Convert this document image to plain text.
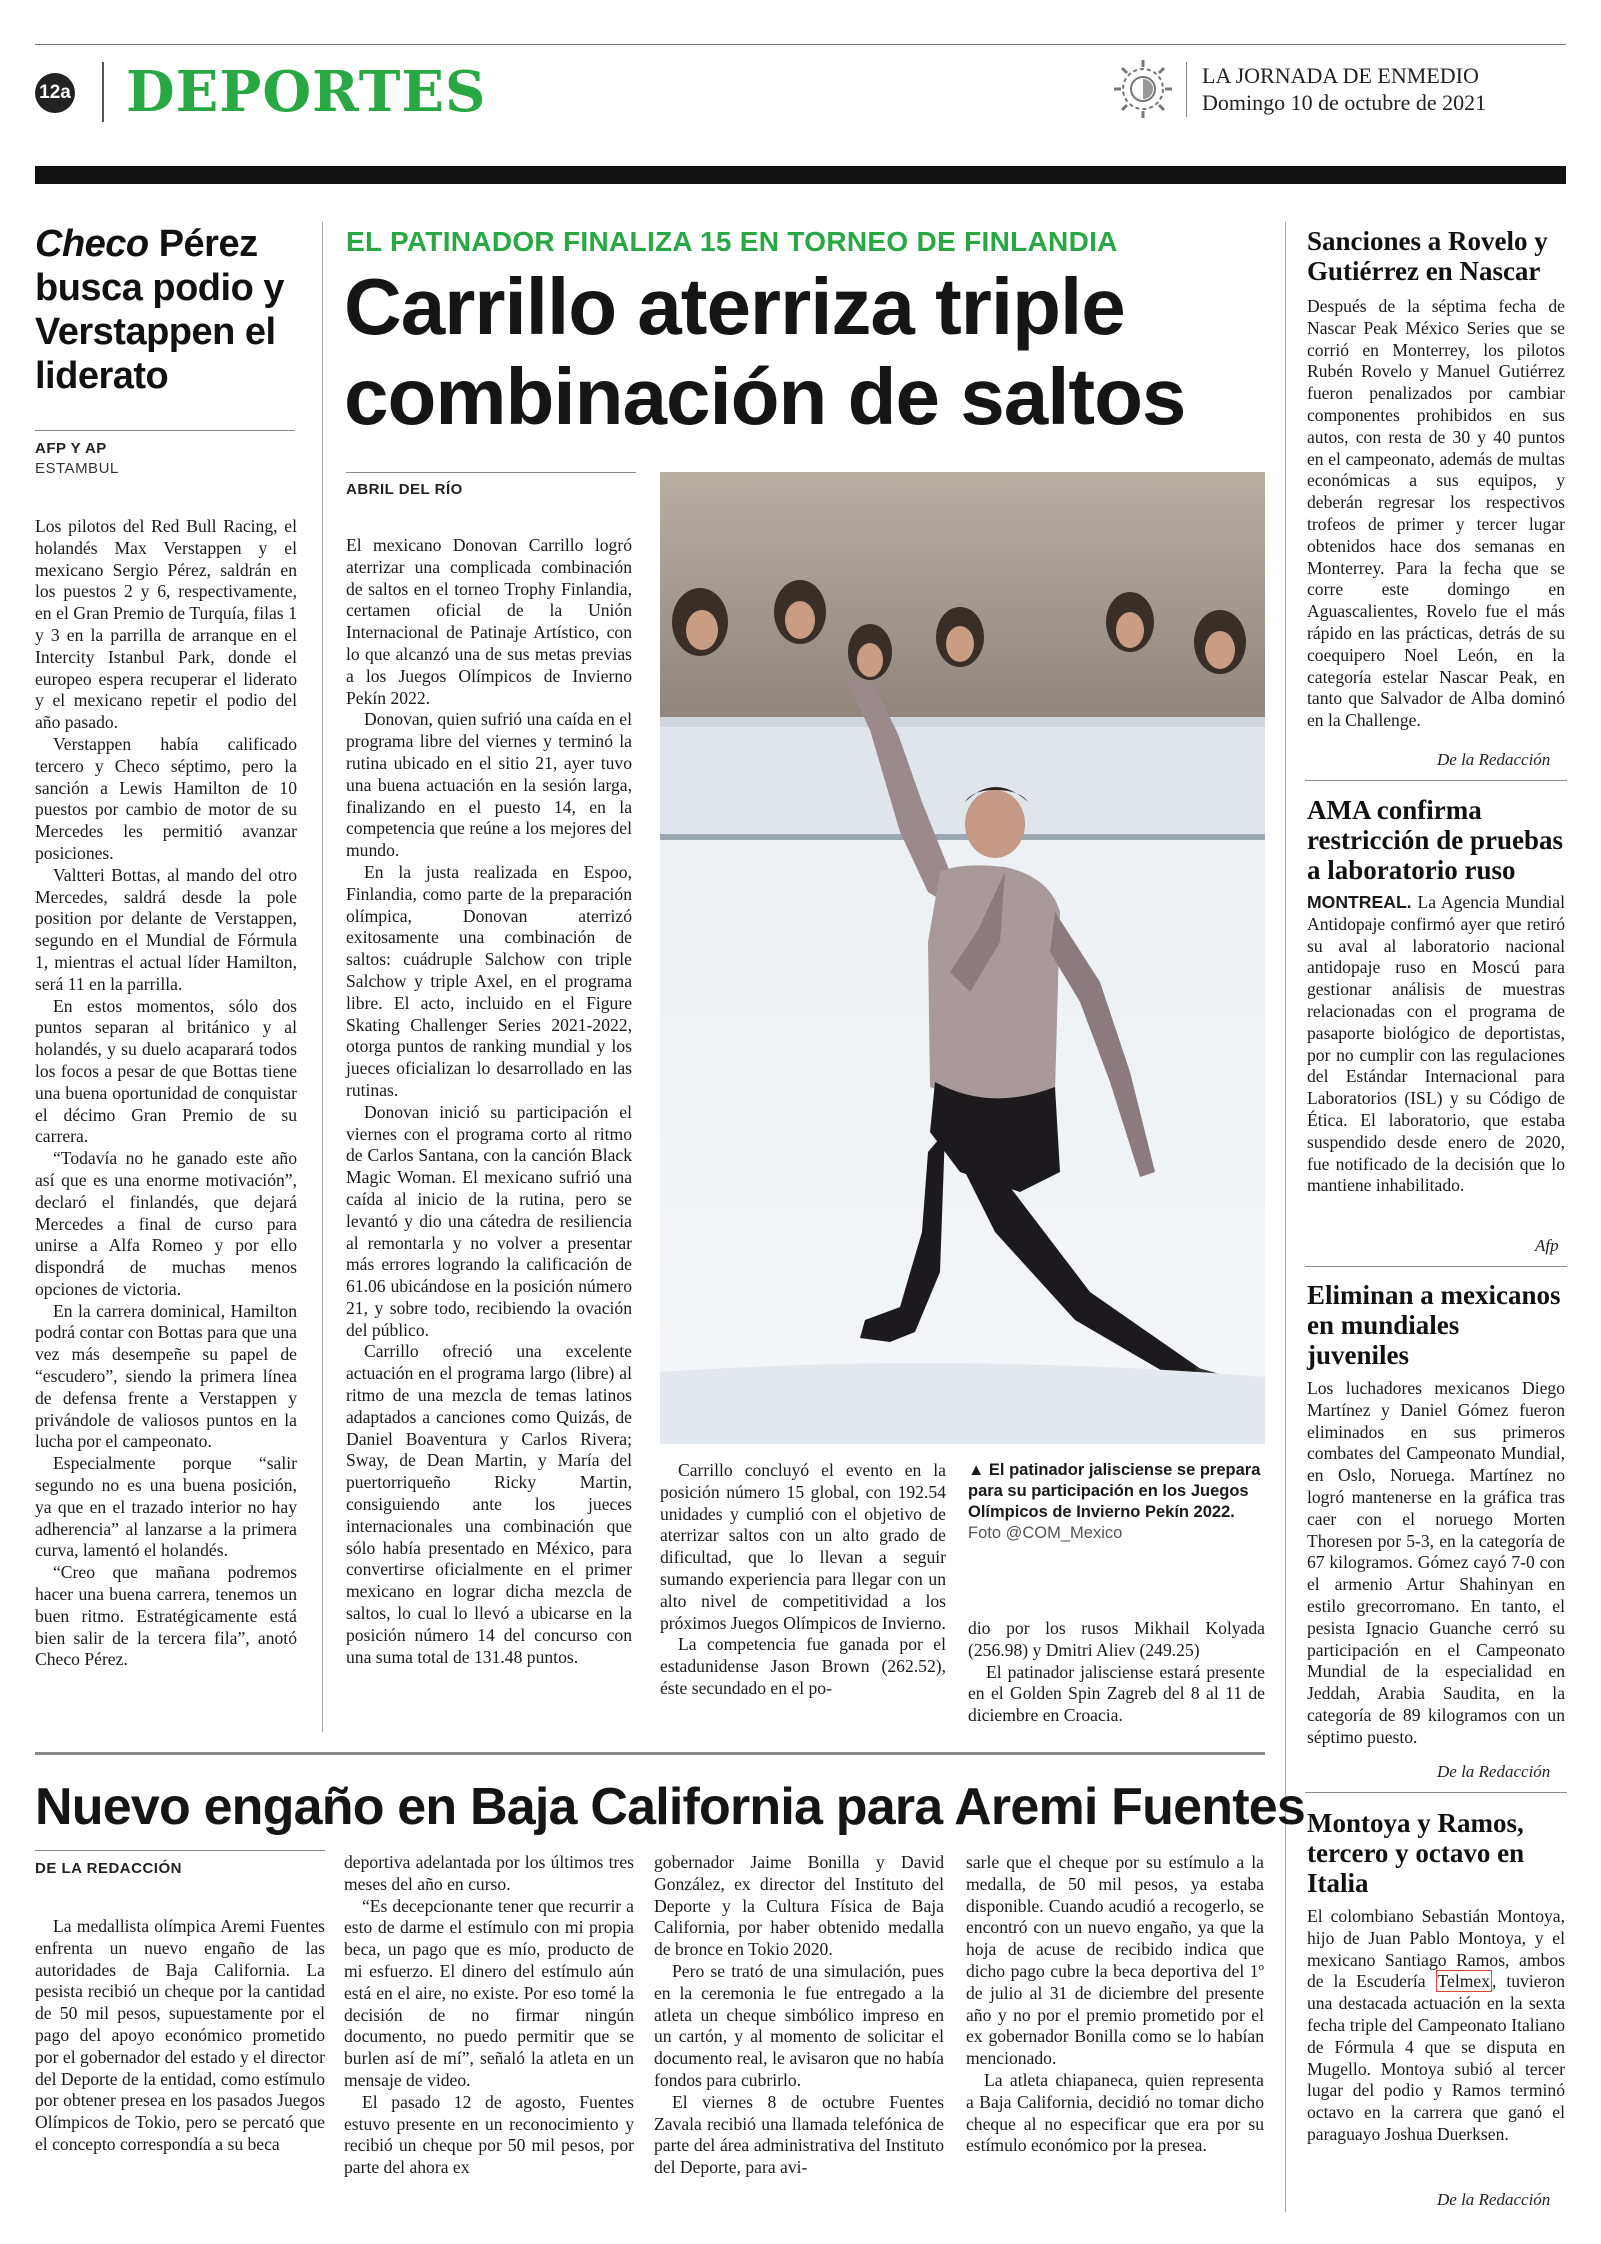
12a DEPORTES	LA JORNADA DE ENMEDIO
Domingo 10 de octubre de 2021
Checo Pérez busca podio y Verstappen el liderato
AFP Y AP
ESTAMBUL

Los pilotos del Red Bull Racing, el holandés Max Verstappen y el mexicano Sergio Pérez, saldrán en los puestos 2 y 6, respectivamente, en el Gran Premio de Turquía, filas 1 y 3 en la parrilla de arranque en el Intercity Istanbul Park, donde el europeo espera recuperar el liderato y el mexicano repetir el podio del año pasado.

Verstappen había calificado tercero y Checo séptimo, pero la sanción a Lewis Hamilton de 10 puestos por cambio de motor de su Mercedes les permitió avanzar posiciones.

Valtteri Bottas, al mando del otro Mercedes, saldrá desde la pole position por delante de Verstappen, segundo en el Mundial de Fórmula 1, mientras el actual líder Hamilton, será 11 en la parrilla.

En estos momentos, sólo dos puntos separan al británico y al holandés, y su duelo acaparará todos los focos a pesar de que Bottas tiene una buena oportunidad de conquistar el décimo Gran Premio de su carrera.

“Todavía no he ganado este año así que es una enorme motivación”, declaró el finlandés, que dejará Mercedes a final de curso para unirse a Alfa Romeo y por ello dispondrá de muchas menos opciones de victoria.

En la carrera dominical, Hamilton podrá contar con Bottas para que una vez más desempeñe su papel de “escudero”, siendo la primera línea de defensa frente a Verstappen y privándole de valiosos puntos en la lucha por el campeonato.

Especialmente porque “salir segundo no es una buena posición, ya que en el trazado interior no hay adherencia” al lanzarse a la primera curva, lamentó el holandés.

“Creo que mañana podremos hacer una buena carrera, tenemos un buen ritmo. Estratégicamente está bien salir de la tercera fila”, anotó Checo Pérez.

EL PATINADOR FINALIZA 15 EN TORNEO DE FINLANDIA
Carrillo aterriza triple combinación de saltos
ABRIL DEL RÍO

El mexicano Donovan Carrillo logró aterrizar una complicada combinación de saltos en el torneo Trophy Finlandia, certamen oficial de la Unión Internacional de Patinaje Artístico, con lo que alcanzó una de sus metas previas a los Juegos Olímpicos de Invierno Pekín 2022.

Donovan, quien sufrió una caída en el programa libre del viernes y terminó la rutina ubicado en el sitio 21, ayer tuvo una buena actuación en la sesión larga, finalizando en el puesto 14, en la competencia que reúne a los mejores del mundo.

En la justa realizada en Espoo, Finlandia, como parte de la preparación olímpica, Donovan aterrizó exitosamente una combinación de saltos: cuádruple Salchow con triple Salchow y triple Axel, en el programa libre. El acto, incluido en el Figure Skating Challenger Series 2021-2022, otorga puntos de ranking mundial y los jueces oficializan lo desarrollado en las rutinas.

Donovan inició su participación el viernes con el programa corto al ritmo de Carlos Santana, con la canción Black Magic Woman. El mexicano sufrió una caída al inicio de la rutina, pero se levantó y dio una cátedra de resiliencia al remontarla y no volver a presentar más errores logrando la calificación de 61.06 ubicándose en la posición número 21, y sobre todo, recibiendo la ovación del público.

Carrillo ofreció una excelente actuación en el programa largo (libre) al ritmo de una mezcla de temas latinos adaptados a canciones como Quizás, de Daniel Boaventura y Carlos Rivera; Sway, de Dean Martin, y María del puertorriqueño Ricky Martin, consiguiendo ante los jueces internacionales una combinación que sólo había presentado en México, para convertirse oficialmente en el primer mexicano en lograr dicha mezcla de saltos, lo cual lo llevó a ubicarse en la posición número 14 del concurso con una suma total de 131.48 puntos.

▲ El patinador jalisciense se prepara para su participación en los Juegos Olímpicos de Invierno Pekín 2022. Foto @COM_Mexico

Carrillo concluyó el evento en la posición número 15 global, con 192.54 unidades y cumplió con el objetivo de aterrizar saltos con un alto grado de dificultad, que lo llevan a seguir sumando experiencia para llegar con un alto nivel de competitividad a los próximos Juegos Olímpicos de Invierno.

La competencia fue ganada por el estadunidense Jason Brown (262.52), éste secundado en el po-

dio por los rusos Mikhail Kolyada (256.98) y Dmitri Aliev (249.25)

El patinador jalisciense estará presente en el Golden Spin Zagreb del 8 al 11 de diciembre en Croacia.

Sanciones a Rovelo y Gutiérrez en Nascar

Después de la séptima fecha de Nascar Peak México Series que se corrió en Monterrey, los pilotos Rubén Rovelo y Manuel Gutiérrez fueron penalizados por cambiar componentes prohibidos en sus autos, con resta de 30 y 40 puntos en el campeonato, además de multas económicas a sus equipos, y deberán regresar los respectivos trofeos de primer y tercer lugar obtenidos hace dos semanas en Monterrey. Para la fecha que se corre este domingo en Aguascalientes, Rovelo fue el más rápido en las prácticas, detrás de su coequipero Noel León, en la categoría estelar Nascar Peak, en tanto que Salvador de Alba dominó en la Challenge.

De la Redacción
AMA confirma restricción de pruebas a laboratorio ruso

MONTREAL. La Agencia Mundial Antidopaje confirmó ayer que retiró su aval al laboratorio nacional antidopaje ruso en Moscú para gestionar análisis de muestras relacionadas con el programa de pasaporte biológico de deportistas, por no cumplir con las regulaciones del Estándar Internacional para Laboratorios (ISL) y su Código de Ética. El laboratorio, que estaba suspendido desde enero de 2020, fue notificado de la decisión que lo mantiene inhabilitado.

Afp
Eliminan a mexicanos en mundiales juveniles

Los luchadores mexicanos Diego Martínez y Daniel Gómez fueron eliminados en sus primeros combates del Campeonato Mundial, en Oslo, Noruega. Martínez no logró mantenerse en la gráfica tras caer con el noruego Morten Thoresen por 5-3, en la categoría de 67 kilogramos. Gómez cayó 7-0 con el armenio Artur Shahinyan en estilo grecorromano. En tanto, el pesista Ignacio Guanche cerró su participación en el Campeonato Mundial de la especialidad en Jeddah, Arabia Saudita, en la categoría de 89 kilogramos con un séptimo puesto.

De la Redacción
Montoya y Ramos, tercero y octavo en Italia

El colombiano Sebastián Montoya, hijo de Juan Pablo Montoya, y el mexicano Santiago Ramos, ambos de la Escudería Telmex , tuvieron una destacada actuación en la sexta fecha triple del Campeonato Italiano de Fórmula 4 que se disputa en Mugello. Montoya subió al tercer lugar del podio y Ramos terminó octavo en la carrera que ganó el paraguayo Joshua Duerksen.

De la Redacción
Nuevo engaño en Baja California para Aremi Fuentes
DE LA REDACCIÓN

La medallista olímpica Aremi Fuentes enfrenta un nuevo engaño de las autoridades de Baja California. La pesista recibió un cheque por la cantidad de 50 mil pesos, supuestamente por el pago del apoyo económico prometido por el gobernador del estado y el director del Deporte de la entidad, como estímulo por obtener presea en los pasados Juegos Olímpicos de Tokio, pero se percató que el concepto correspondía a su beca

deportiva adelantada por los últimos tres meses del año en curso.

“Es decepcionante tener que recurrir a esto de darme el estímulo con mi propia beca, un pago que es mío, producto de mi esfuerzo. El dinero del estímulo aún está en el aire, no existe. Por eso tomé la decisión de no firmar ningún documento, no puedo permitir que se burlen así de mí”, señaló la atleta en un mensaje de video.

El pasado 12 de agosto, Fuentes estuvo presente en un reconocimiento y recibió un cheque por 50 mil pesos, por parte del ahora ex

gobernador Jaime Bonilla y David González, ex director del Instituto del Deporte y la Cultura Física de Baja California, por haber obtenido medalla de bronce en Tokio 2020.

Pero se trató de una simulación, pues en la ceremonia le fue entregado a la atleta un cheque simbólico impreso en un cartón, y al momento de solicitar el documento real, le avisaron que no había fondos para cubrirlo.

El viernes 8 de octubre Fuentes Zavala recibió una llamada telefónica de parte del área administrativa del Instituto del Deporte, para avi-

sarle que el cheque por su estímulo a la medalla, de 50 mil pesos, ya estaba disponible. Cuando acudió a recogerlo, se encontró con un nuevo engaño, ya que la hoja de acuse de recibido indica que dicho pago cubre la beca deportiva del 1º de julio al 31 de diciembre del presente año y no por el premio prometido por el ex gobernador Bonilla como se lo habían mencionado.

La atleta chiapaneca, quien representa a Baja California, decidió no tomar dicho cheque al no especificar que era por su estímulo económico por la presea.
